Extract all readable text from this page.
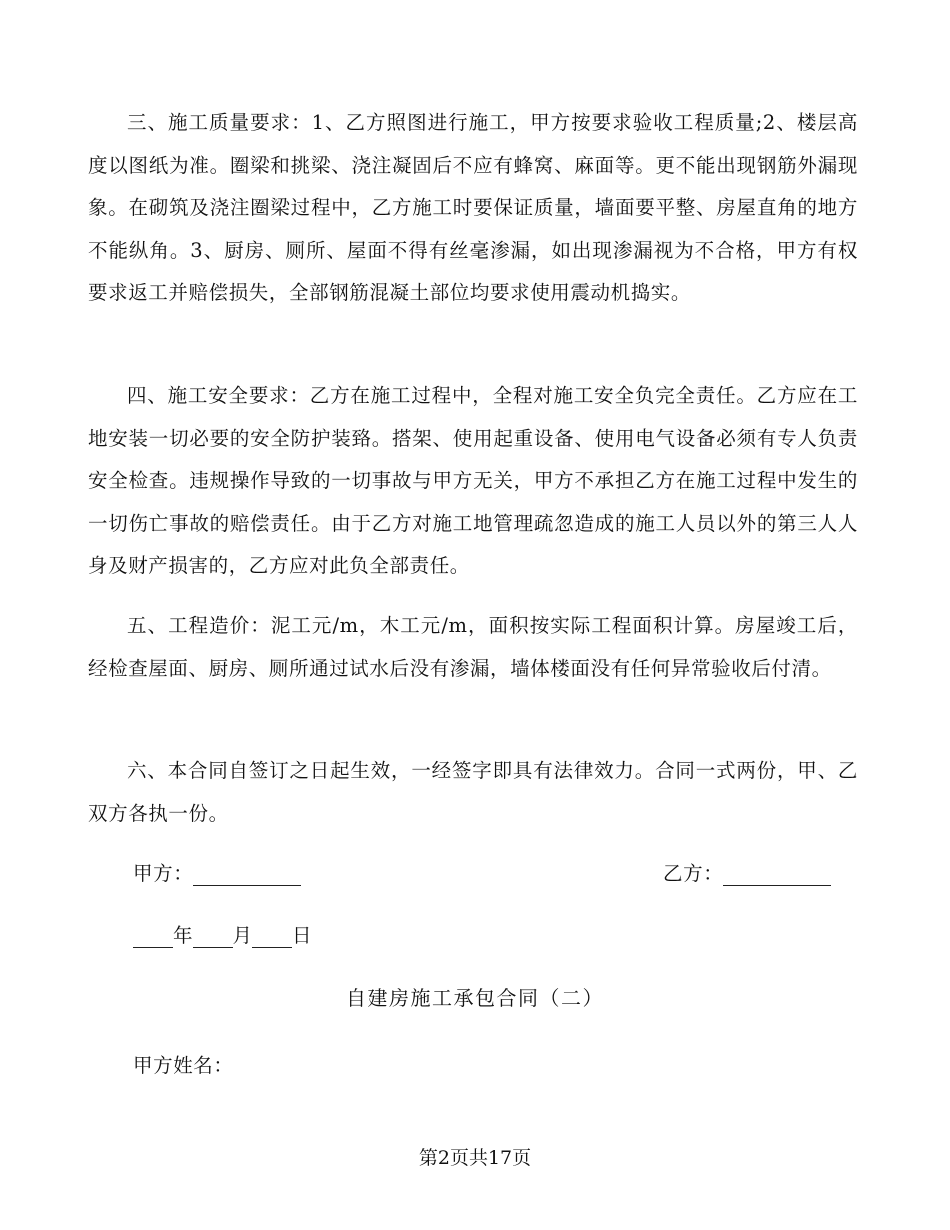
三、施工质量要求：1、乙方照图进行施工，甲方按要求验收工程质量;2、楼层高度以图纸为准。圈梁和挑梁、浇注凝固后不应有蜂窝、麻面等。更不能出现钢筋外漏现象。在砌筑及浇注圈梁过程中，乙方施工时要保证质量，墙面要平整、房屋直角的地方不能纵角。3、厨房、厕所、屋面不得有丝毫渗漏，如出现渗漏视为不合格，甲方有权要求返工并赔偿损失，全部钢筋混凝土部位均要求使用震动机捣实。

四、施工安全要求：乙方在施工过程中，全程对施工安全负完全责任。乙方应在工地安装一切必要的安全防护装臵。搭架、使用起重设备、使用电气设备必须有专人负责安全检查。违规操作导致的一切事故与甲方无关，甲方不承担乙方在施工过程中发生的一切伤亡事故的赔偿责任。由于乙方对施工地管理疏忽造成的施工人员以外的第三人人身及财产损害的，乙方应对此负全部责任。

五、工程造价：泥工元/m，木工元/m，面积按实际工程面积计算。房屋竣工后，经检查屋面、厨房、厕所通过试水后没有渗漏，墙体楼面没有任何异常验收后付清。

六、本合同自签订之日起生效，一经签字即具有法律效力。合同一式两份，甲、乙双方各执一份。

甲方：	乙方：
年 月 日
自建房施工承包合同（二）
甲方姓名：
第2页共17页
